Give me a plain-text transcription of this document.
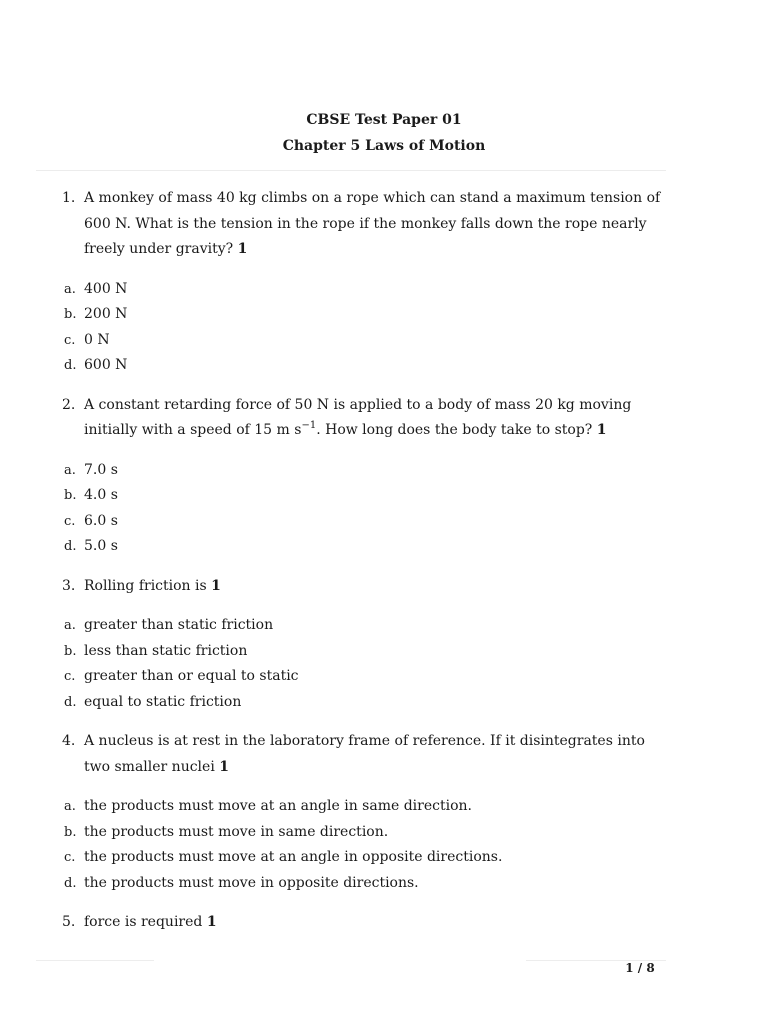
CBSE Test Paper 01
Chapter 5 Laws of Motion
1. A monkey of mass 40 kg climbs on a rope which can stand a maximum tension of 600 N. What is the tension in the rope if the monkey falls down the rope nearly freely under gravity? 1
a. 400 N
b. 200 N
c. 0 N
d. 600 N
2. A constant retarding force of 50 N is applied to a body of mass 20 kg moving initially with a speed of 15 m $s^{-1}$. How long does the body take to stop? 1
a. 7.0 s
b. 4.0 s
c. 6.0 s
d. 5.0 s
3. Rolling friction is 1
a. greater than static friction
b. less than static friction
c. greater than or equal to static
d. equal to static friction
4. A nucleus is at rest in the laboratory frame of reference. If it disintegrates into two smaller nuclei 1
a. the products must move at an angle in same direction.
b. the products must move in same direction.
c. the products must move at an angle in opposite directions.
d. the products must move in opposite directions.
5. force is required 1
1 / 8
